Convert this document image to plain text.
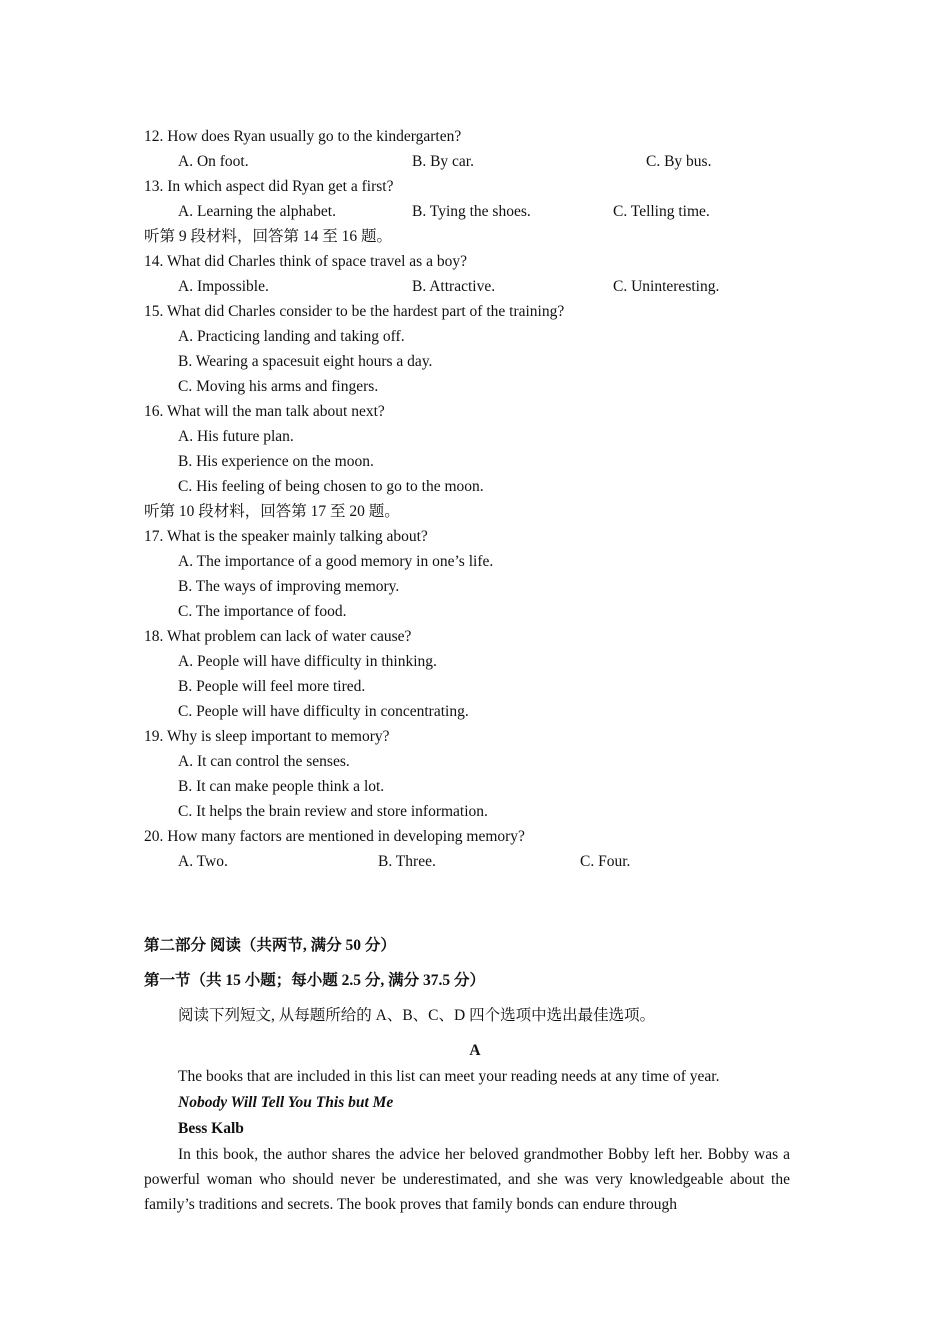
12. How does Ryan usually go to the kindergarten?
A. On foot.	B. By car.	C. By bus.
13. In which aspect did Ryan get a first?
A. Learning the alphabet.	B. Tying the shoes.	C. Telling time.
听第 9 段材料，回答第 14 至 16 题。
14. What did Charles think of space travel as a boy?
A. Impossible.	B. Attractive.	C. Uninteresting.
15. What did Charles consider to be the hardest part of the training?
A. Practicing landing and taking off.
B. Wearing a spacesuit eight hours a day.
C. Moving his arms and fingers.
16. What will the man talk about next?
A. His future plan.
B. His experience on the moon.
C. His feeling of being chosen to go to the moon.
听第 10 段材料，回答第 17 至 20 题。
17. What is the speaker mainly talking about?
A. The importance of a good memory in one’s life.
B. The ways of improving memory.
C. The importance of food.
18. What problem can lack of water cause?
A. People will have difficulty in thinking.
B. People will feel more tired.
C. People will have difficulty in concentrating.
19. Why is sleep important to memory?
A. It can control the senses.
B. It can make people think a lot.
C. It helps the brain review and store information.
20. How many factors are mentioned in developing memory?
A. Two.	B. Three.	C. Four.
第二部分 阅读（共两节, 满分 50 分）
第一节（共 15 小题；每小题 2.5 分, 满分 37.5 分）
阅读下列短文, 从每题所给的 A、B、C、D 四个选项中选出最佳选项。
A
The books that are included in this list can meet your reading needs at any time of year.
Nobody Will Tell You This but Me
Bess Kalb
In this book, the author shares the advice her beloved grandmother Bobby left her. Bobby was a powerful woman who should never be underestimated, and she was very knowledgeable about the family’s traditions and secrets. The book proves that family bonds can endure through
